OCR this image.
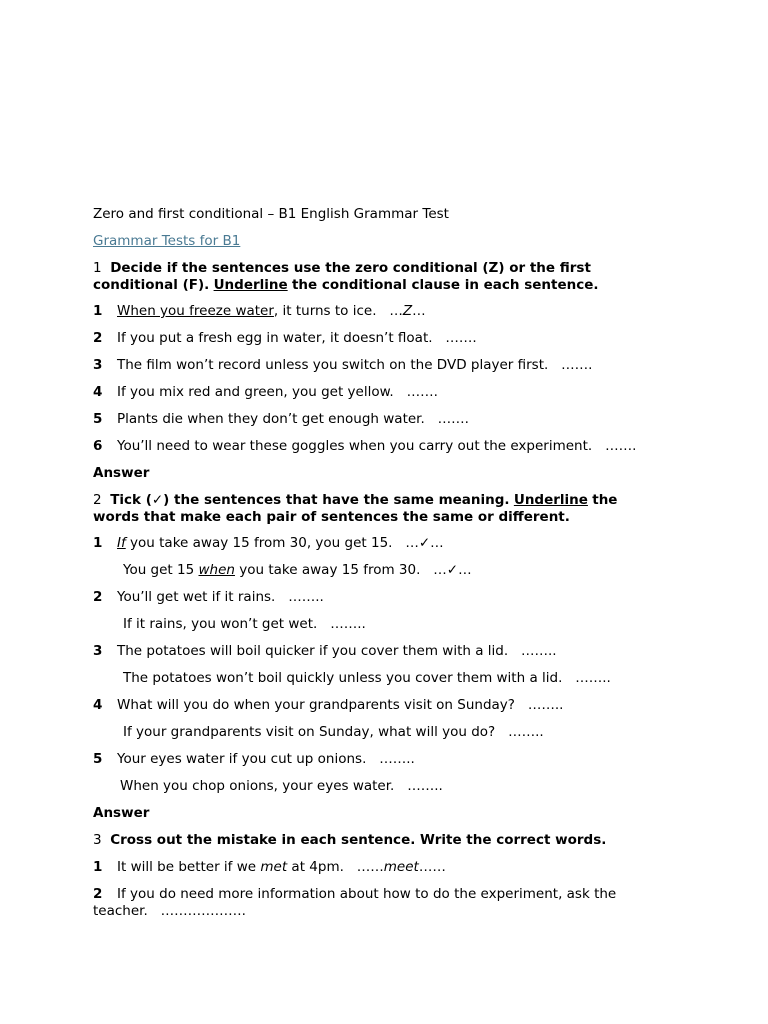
Zero and first conditional – B1 English Grammar Test

Grammar Tests for B1

1 Decide if the sentences use the zero conditional (Z) or the first conditional (F). Underline the conditional clause in each sentence.

1 When you freeze water, it turns to ice. …Z…

2 If you put a fresh egg in water, it doesn’t float. …….

3 The film won’t record unless you switch on the DVD player first. …….

4 If you mix red and green, you get yellow. …….

5 Plants die when they don’t get enough water. …….

6 You’ll need to wear these goggles when you carry out the experiment. …….

Answer

2 Tick (✓) the sentences that have the same meaning. Underline the words that make each pair of sentences the same or different.

1 If you take away 15 from 30, you get 15. …✓…

You get 15 when you take away 15 from 30. …✓…

2 You’ll get wet if it rains. ……..

If it rains, you won’t get wet. ……..

3 The potatoes will boil quicker if you cover them with a lid. ……..

The potatoes won’t boil quickly unless you cover them with a lid. ……..

4 What will you do when your grandparents visit on Sunday? ……..

If your grandparents visit on Sunday, what will you do? ……..

5 Your eyes water if you cut up onions. ……..

When you chop onions, your eyes water. ……..

Answer

3 Cross out the mistake in each sentence. Write the correct words.

1 It will be better if we met at 4pm. ……meet……

2 If you do need more information about how to do the experiment, ask the teacher. ……………….
